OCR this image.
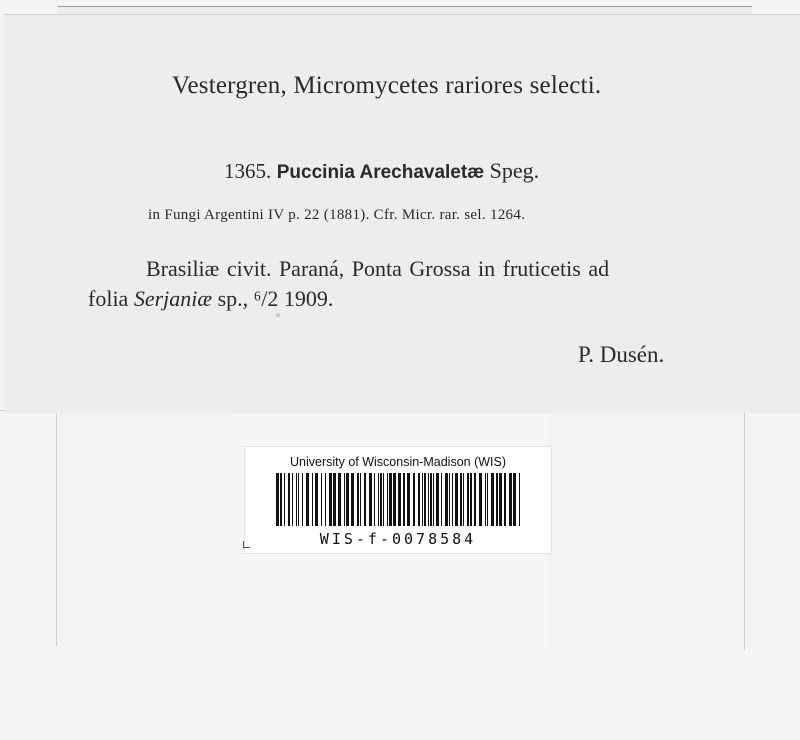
Vestergren, Micromycetes rariores selecti.
1365. Puccinia Arechavaletæ Speg.
in Fungi Argentini IV p. 22 (1881). Cfr. Micr. rar. sel. 1264.
Brasiliæ civit. Paraná, Ponta Grossa in fruticetis ad
folia Serjaniæ sp., ⁶/2 1909.
P. Dusén.
University of Wisconsin-Madison (WIS)
WIS-f-0078584
